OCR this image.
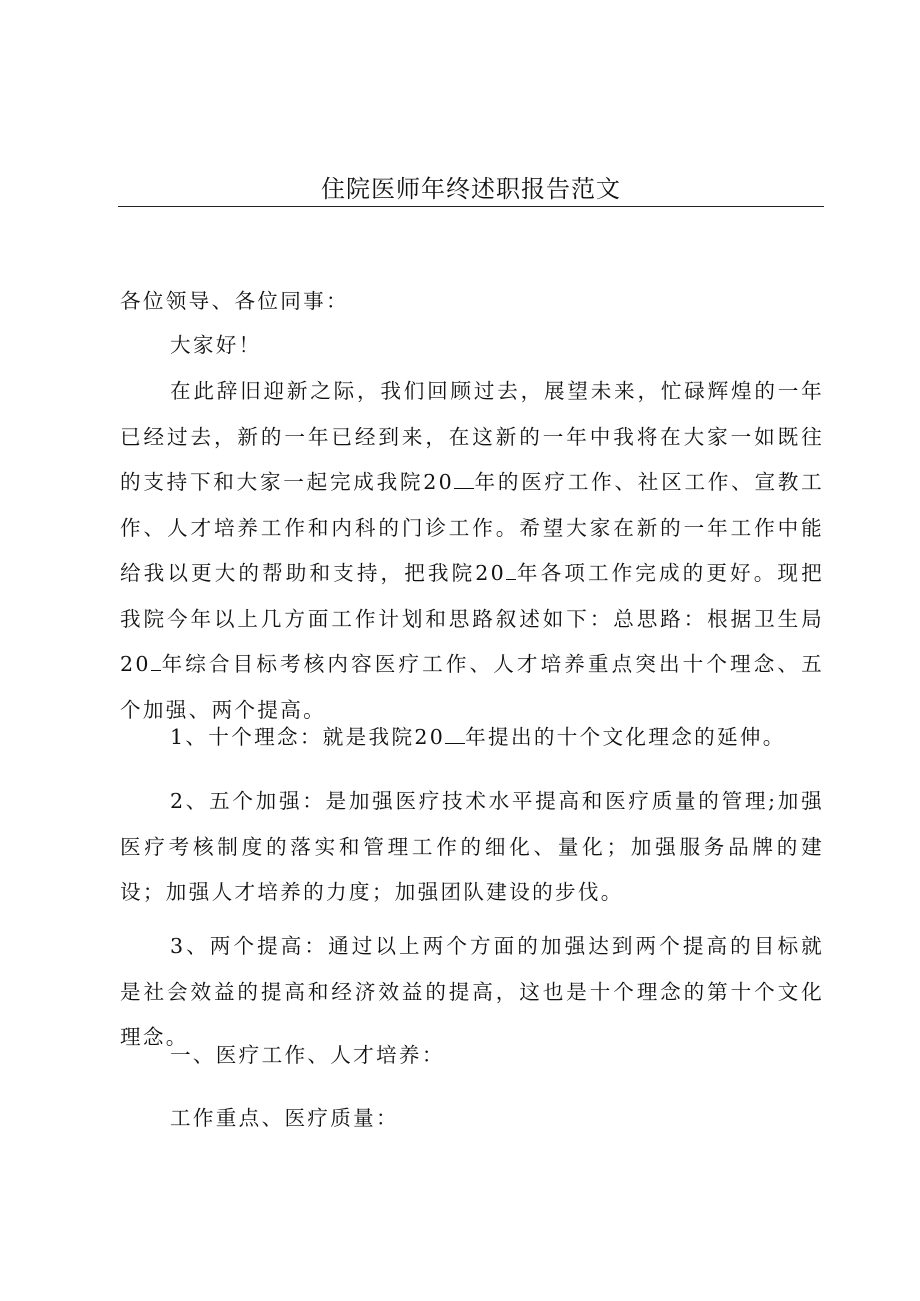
住院医师年终述职报告范文

各位领导、各位同事：

大家好！

在此辞旧迎新之际，我们回顾过去，展望未来，忙碌辉煌的一年已经过去，新的一年已经到来，在这新的一年中我将在大家一如既往的支持下和大家一起完成我院20 年的医疗工作、社区工作、宣教工作、人才培养工作和内科的门诊工作。希望大家在新的一年工作中能给我以更大的帮助和支持，把我院20 年各项工作完成的更好。现把我院今年以上几方面工作计划和思路叙述如下：总思路：根据卫生局20 年综合目标考核内容医疗工作、人才培养重点突出十个理念、五个加强、两个提高。

1、十个理念：就是我院20 年提出的十个文化理念的延伸。

2、五个加强：是加强医疗技术水平提高和医疗质量的管理;加强医疗考核制度的落实和管理工作的细化、量化；加强服务品牌的建设；加强人才培养的力度；加强团队建设的步伐。

3、两个提高：通过以上两个方面的加强达到两个提高的目标就是社会效益的提高和经济效益的提高，这也是十个理念的第十个文化理念。

一、医疗工作、人才培养：

工作重点、医疗质量：
